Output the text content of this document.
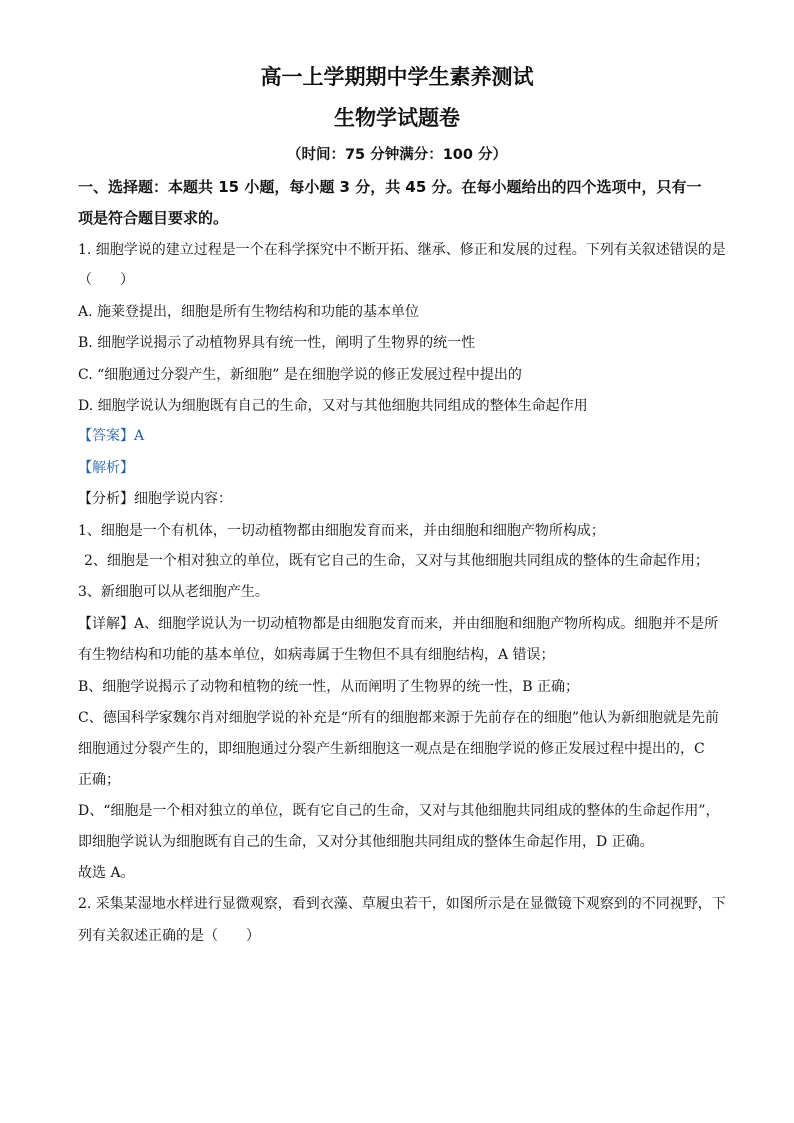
高一上学期期中学生素养测试
生物学试题卷
（时间：75 分钟满分：100 分）
一、选择题：本题共 15 小题，每小题 3 分，共 45 分。在每小题给出的四个选项中，只有一
项是符合题目要求的。
1. 细胞学说的建立过程是一个在科学探究中不断开拓、继承、修正和发展的过程。下列有关叙述错误的是
（　　）
A. 施莱登提出，细胞是所有生物结构和功能的基本单位
B. 细胞学说揭示了动植物界具有统一性，阐明了生物界的统一性
C. “细胞通过分裂产生，新细胞” 是在细胞学说的修正发展过程中提出的
D. 细胞学说认为细胞既有自己的生命，又对与其他细胞共同组成的整体生命起作用
【答案】A
【解析】
【分析】细胞学说内容：
1、细胞是一个有机体，一切动植物都由细胞发育而来，并由细胞和细胞产物所构成；
2、细胞是一个相对独立的单位，既有它自己的生命，又对与其他细胞共同组成的整体的生命起作用；
3、新细胞可以从老细胞产生。
【详解】A、细胞学说认为一切动植物都是由细胞发育而来，并由细胞和细胞产物所构成。细胞并不是所
有生物结构和功能的基本单位，如病毒属于生物但不具有细胞结构，A 错误；
B、细胞学说揭示了动物和植物的统一性，从而阐明了生物界的统一性，B 正确；
C、德国科学家魏尔肖对细胞学说的补充是“所有的细胞都来源于先前存在的细胞”他认为新细胞就是先前
细胞通过分裂产生的，即细胞通过分裂产生新细胞这一观点是在细胞学说的修正发展过程中提出的，C
正确；
D、“细胞是一个相对独立的单位，既有它自己的生命，又对与其他细胞共同组成的整体的生命起作用”，
即细胞学说认为细胞既有自己的生命，又对分其他细胞共同组成的整体生命起作用，D 正确。
故选 A。
2. 采集某湿地水样进行显微观察，看到衣藻、草履虫若干，如图所示是在显微镜下观察到的不同视野，下
列有关叙述正确的是（　　）
